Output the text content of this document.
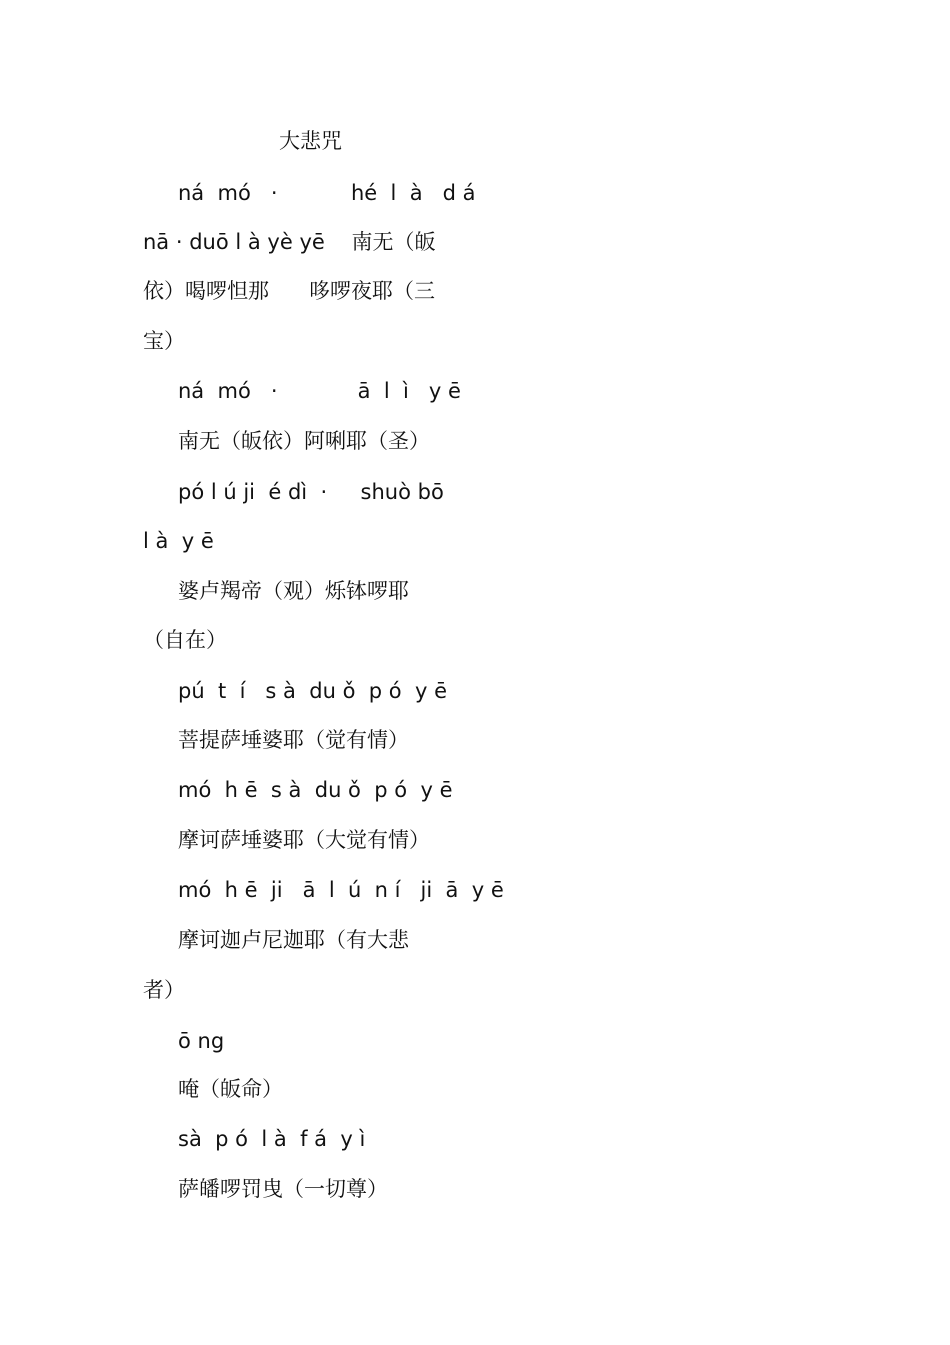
大悲咒
ná  mó   ·           hé  l  à   d á
nā · duō l à yè yē    南无（皈
依）喝啰怛那      哆啰夜耶（三
宝）
ná  mó   ·            ā  l  ì   y ē
南无（皈依）阿唎耶（圣）
pó l ú ji  é dì  ·     shuò bō
l à  y ē
婆卢羯帝（观）烁钵啰耶
（自在）
pú  t  í   s à  du ǒ  p ó  y ē
菩提萨埵婆耶（觉有情）
mó  h ē  s à  du ǒ  p ó  y ē
摩诃萨埵婆耶（大觉有情）
mó  h ē  ji   ā  l  ú  n í   ji  ā  y ē
摩诃迦卢尼迦耶（有大悲
者）
ō ng
唵（皈命）
sà  p ó  l à  f á  y ì
萨皤啰罚曳（一切尊）
